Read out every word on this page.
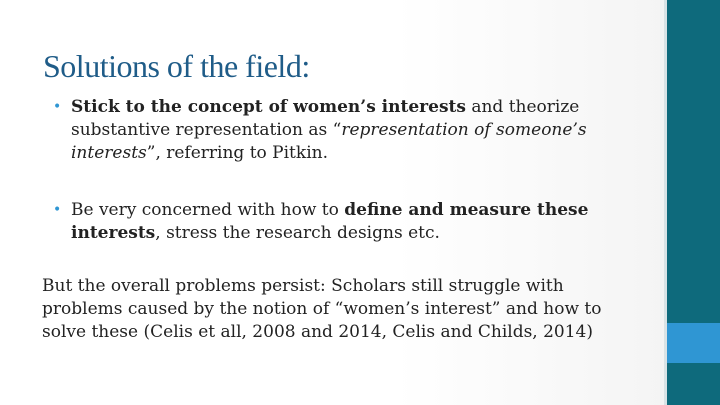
Solutions of the field:

• Stick to the concept of women’s interests and theorize substantive representation as “representation of someone’s interests”, referring to Pitkin.

• Be very concerned with how to define and measure these interests, stress the research designs etc.

But the overall problems persist: Scholars still struggle with problems caused by the notion of “women’s interest” and how to solve these (Celis et all, 2008 and 2014, Celis and Childs, 2014)
